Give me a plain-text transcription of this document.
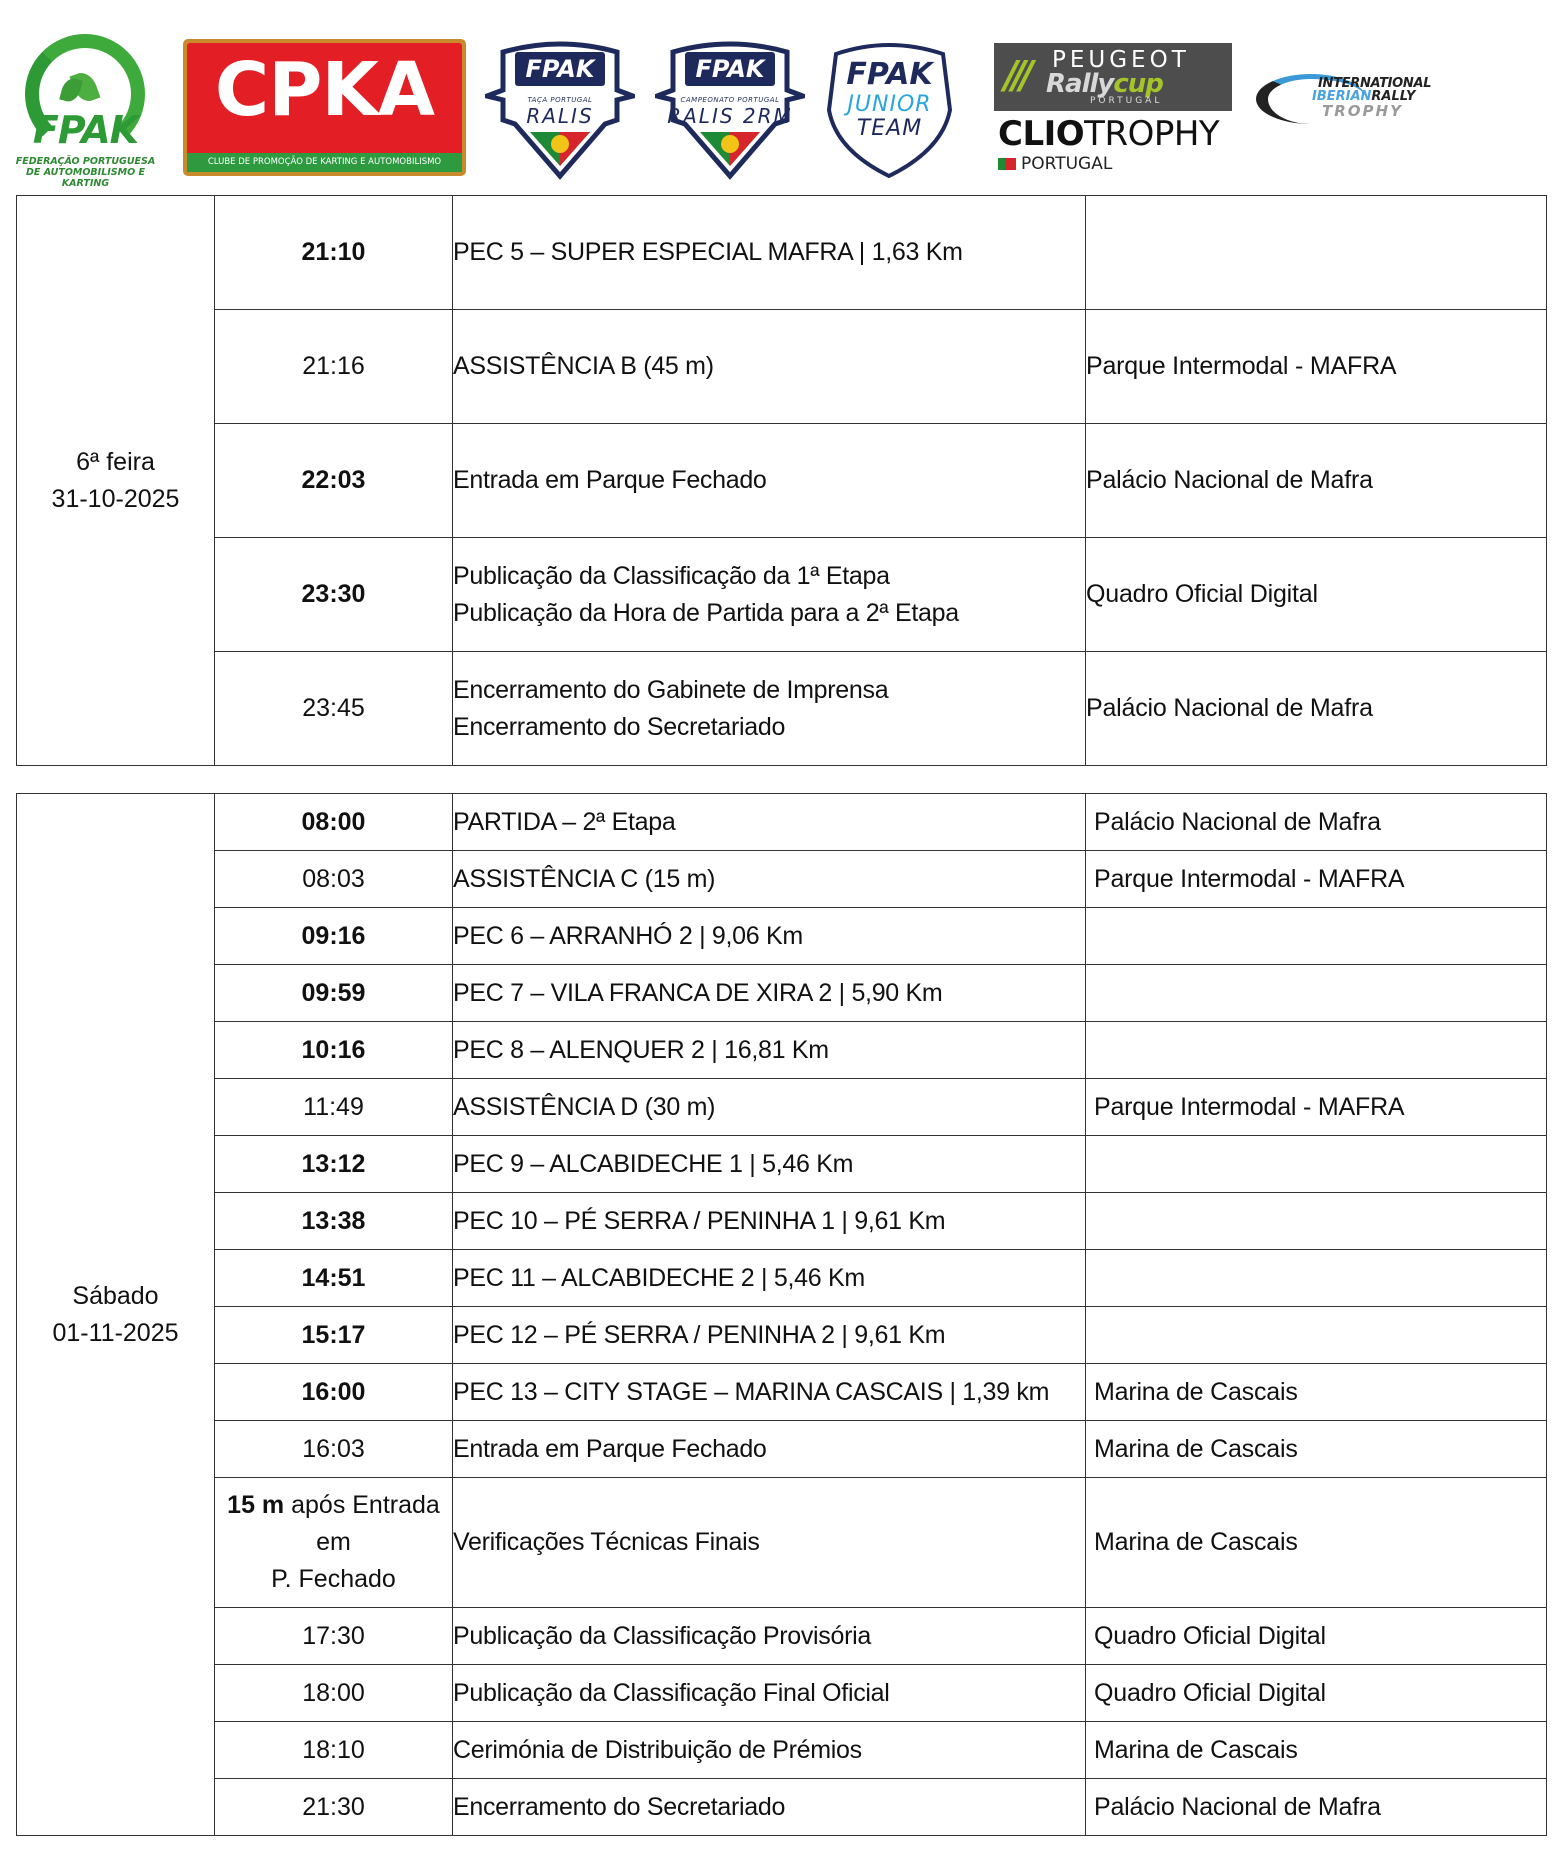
FPAK
FEDERAÇÃO PORTUGUESA
DE AUTOMOBILISMO E KARTING
CPKA
CLUBE DE PROMOÇÃO DE KARTING E AUTOMOBILISMO
FPAK
TAÇA PORTUGAL
RALIS
FPAK
CAMPEONATO PORTUGAL
RALIS 2RM
FPAK
JUNIOR
TEAM
/// PEUGEOT
Rallycup
PORTUGAL
CLIOTROPHY
PORTUGAL
INTERNATIONAL
IBERIANRALLY
TROPHY
6ª feira
31-10-2025	21:10	PEC 5 – SUPER ESPECIAL MAFRA | 1,63 Km	

	21:16	ASSISTÊNCIA B (45 m)	Parque Intermodal - MAFRA
	22:03	Entrada em Parque Fechado	Palácio Nacional de Mafra
	23:30	Publicação da Classificação da 1ª Etapa
Publicação da Hora de Partida para a 2ª Etapa	Quadro Oficial Digital
	23:45	Encerramento do Gabinete de Imprensa
Encerramento do Secretariado	Palácio Nacional de Mafra
Sábado
01-11-2025	08:00	PARTIDA – 2ª Etapa	Palácio Nacional de Mafra
	08:03	ASSISTÊNCIA C (15 m)	Parque Intermodal - MAFRA
	09:16	PEC 6 – ARRANHÓ 2 | 9,06 Km	
	09:59	PEC 7 – VILA FRANCA DE XIRA 2 | 5,90 Km	
	10:16	PEC 8 – ALENQUER 2 | 16,81 Km	
	11:49	ASSISTÊNCIA D (30 m)	Parque Intermodal - MAFRA
	13:12	PEC 9 – ALCABIDECHE 1 | 5,46 Km	
	13:38	PEC 10 – PÉ SERRA / PENINHA 1 | 9,61 Km	
	14:51	PEC 11 – ALCABIDECHE 2 | 5,46 Km	
	15:17	PEC 12 – PÉ SERRA / PENINHA 2 | 9,61 Km	
	16:00	PEC 13 – CITY STAGE – MARINA CASCAIS | 1,39 km	Marina de Cascais
	16:03	Entrada em Parque Fechado	Marina de Cascais

	15 m após Entrada
em
P. Fechado	Verificações Técnicas Finais	Marina de Cascais
	17:30	Publicação da Classificação Provisória	Quadro Oficial Digital
	18:00	Publicação da Classificação Final Oficial	Quadro Oficial Digital
	18:10	Cerimónia de Distribuição de Prémios	Marina de Cascais
	21:30	Encerramento do Secretariado	Palácio Nacional de Mafra
